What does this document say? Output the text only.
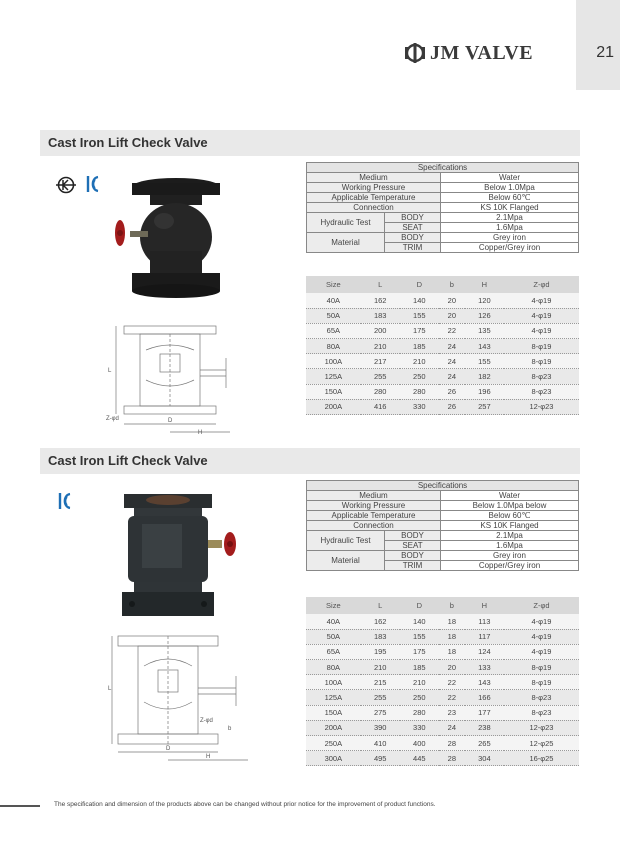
21
JM VALVE
Cast Iron Lift Check Valve
L
Z-φd	D
H
Specifications		
Medium		Water
Working Pressure		Below 1.0Mpa
Applicable Temperature		Below 60℃
Connection		KS 10K Flanged
Hydraulic Test	BODY	2.1Mpa
	SEAT	1.6Mpa
Material	BODY	Grey iron
	TRIM	Copper/Grey iron
Size	L	D	b	H	Z-φd
40A	162	140	20	120	4-φ19
50A	183	155	20	126	4-φ19
65A	200	175	22	135	4-φ19
80A	210	185	24	143	8-φ19
100A	217	210	24	155	8-φ19
125A	255	250	24	182	8-φ23
150A	280	280	26	196	8-φ23
200A	416	330	26	257	12-φ23
Cast Iron Lift Check Valve
L
Z-φd
b
D
H
Specifications		
Medium		Water
Working Pressure		Below 1.0Mpa below
Applicable Temperature		Below 60℃
Connection		KS 10K Flanged
Hydraulic Test	BODY	2.1Mpa
	SEAT	1.6Mpa
Material	BODY	Grey iron
	TRIM	Copper/Grey iron
Size	L	D	b	H	Z-φd
40A	162	140	18	113	4-φ19
50A	183	155	18	117	4-φ19
65A	195	175	18	124	4-φ19
80A	210	185	20	133	8-φ19
100A	215	210	22	143	8-φ19
125A	255	250	22	166	8-φ23
150A	275	280	23	177	8-φ23
200A	390	330	24	238	12-φ23
250A	410	400	28	265	12-φ25
300A	495	445	28	304	16-φ25
The specification and dimension of the products above can be changed without prior notice for the improvement of product functions.
